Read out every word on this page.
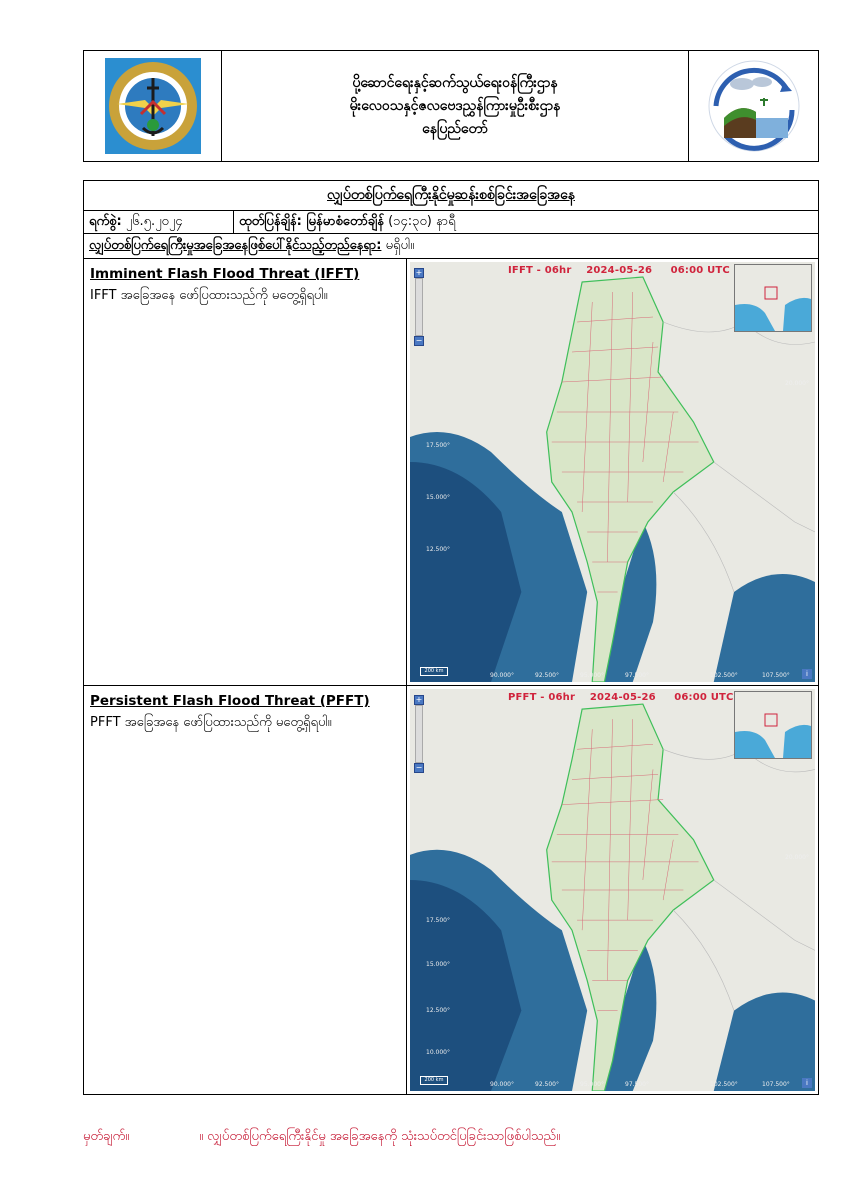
ပို့ဆောင်ရေးနှင့်ဆက်သွယ်ရေးဝန်ကြီးဌာန
မိုးလေဝသနှင့်ဇလဗေဒညွှန်ကြားမှုဦးစီးဌာန
နေပြည်တော်
လျှပ်တစ်ပြက်ရေကြီးနိုင်မှုဆန်းစစ်ခြင်းအခြေအနေ
ရက်စွဲ:
၂၆.၅.၂၀၂၄	ထုတ်ပြန်ချိန်: မြန်မာစံတော်ချိန်
(၁၄:၃၀) နာရီ
လျှပ်တစ်ပြက်ရေကြီးမှုအခြေအနေဖြစ်ပေါ်နိုင်သည့်တည်နေရာ:
မရှိပါ။
Imminent Flash Flood Threat (IFFT)
IFFT အခြေအနေ ဖော်ပြထားသည်ကို မတွေ့ရှိရပါ။
IFFT - 06hr    2024-05-26     06:00 UTC
+
−
17.500°
15.000°
12.500°
20.000°
90.000°	92.500°	95.000°	97.500°	102.500°	107.500°
200 km	i
Persistent Flash Flood Threat (PFFT)
PFFT အခြေအနေ ဖော်ပြထားသည်ကို မတွေ့ရှိရပါ။
PFFT - 06hr    2024-05-26     06:00 UTC
+
−
17.500°
15.000°
12.500°
10.000°
20.000°
90.000°	92.500°	95.000°	97.500°	102.500°	107.500°
200 km	i
မှတ်ချက်။	။ လျှပ်တစ်ပြက်ရေကြီးနိုင်မှု အခြေအနေကို သုံးသပ်တင်ပြခြင်းသာဖြစ်ပါသည်။
